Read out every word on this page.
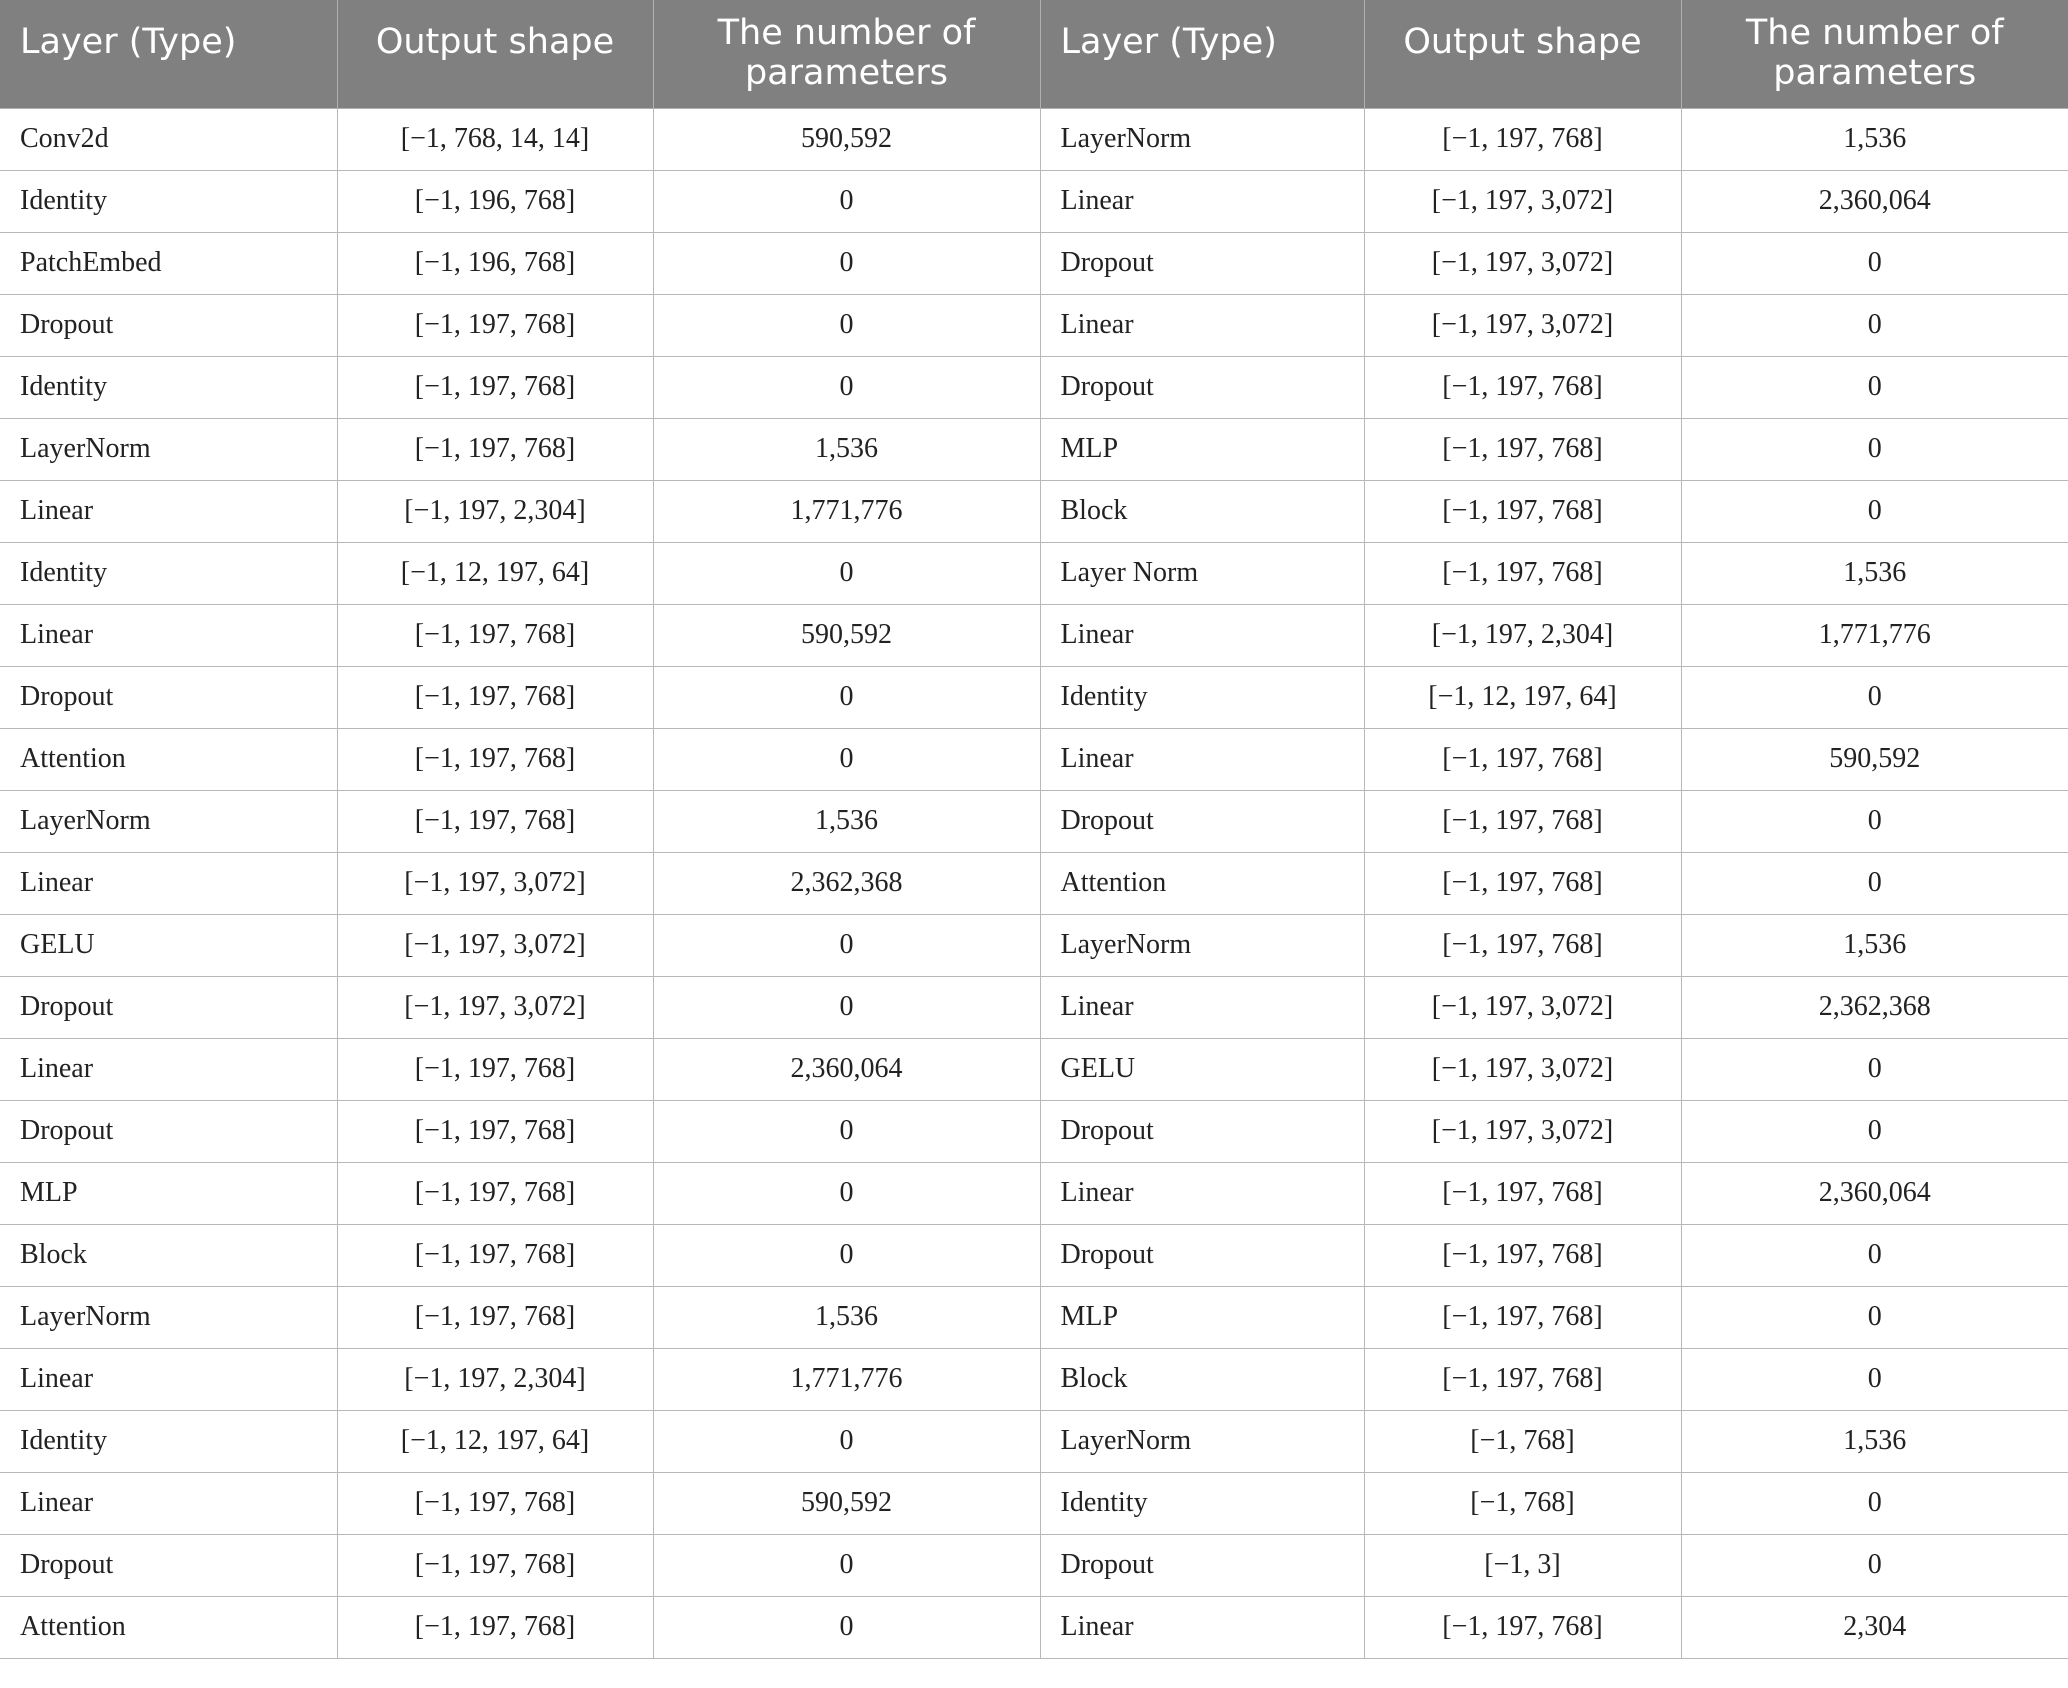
Layer (Type)	Output shape	The number of parameters	Layer (Type)	Output shape	The number of parameters
Conv2d	[−1, 768, 14, 14]	590,592	LayerNorm	[−1, 197, 768]	1,536
Identity	[−1, 196, 768]	0	Linear	[−1, 197, 3,072]	2,360,064
PatchEmbed	[−1, 196, 768]	0	Dropout	[−1, 197, 3,072]	0
Dropout	[−1, 197, 768]	0	Linear	[−1, 197, 3,072]	0
Identity	[−1, 197, 768]	0	Dropout	[−1, 197, 768]	0
LayerNorm	[−1, 197, 768]	1,536	MLP	[−1, 197, 768]	0
Linear	[−1, 197, 2,304]	1,771,776	Block	[−1, 197, 768]	0
Identity	[−1, 12, 197, 64]	0	Layer Norm	[−1, 197, 768]	1,536
Linear	[−1, 197, 768]	590,592	Linear	[−1, 197, 2,304]	1,771,776
Dropout	[−1, 197, 768]	0	Identity	[−1, 12, 197, 64]	0
Attention	[−1, 197, 768]	0	Linear	[−1, 197, 768]	590,592
LayerNorm	[−1, 197, 768]	1,536	Dropout	[−1, 197, 768]	0
Linear	[−1, 197, 3,072]	2,362,368	Attention	[−1, 197, 768]	0
GELU	[−1, 197, 3,072]	0	LayerNorm	[−1, 197, 768]	1,536
Dropout	[−1, 197, 3,072]	0	Linear	[−1, 197, 3,072]	2,362,368
Linear	[−1, 197, 768]	2,360,064	GELU	[−1, 197, 3,072]	0
Dropout	[−1, 197, 768]	0	Dropout	[−1, 197, 3,072]	0
MLP	[−1, 197, 768]	0	Linear	[−1, 197, 768]	2,360,064
Block	[−1, 197, 768]	0	Dropout	[−1, 197, 768]	0
LayerNorm	[−1, 197, 768]	1,536	MLP	[−1, 197, 768]	0
Linear	[−1, 197, 2,304]	1,771,776	Block	[−1, 197, 768]	0
Identity	[−1, 12, 197, 64]	0	LayerNorm	[−1, 768]	1,536
Linear	[−1, 197, 768]	590,592	Identity	[−1, 768]	0
Dropout	[−1, 197, 768]	0	Dropout	[−1, 3]	0
Attention	[−1, 197, 768]	0	Linear	[−1, 197, 768]	2,304
